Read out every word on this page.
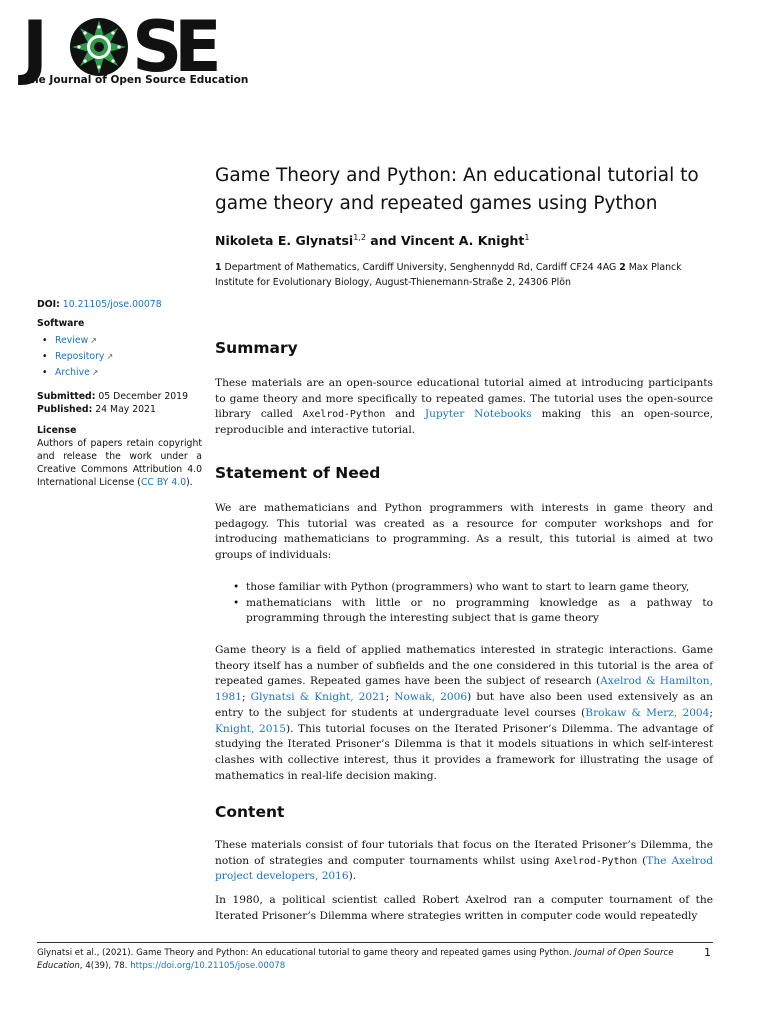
J S
E
The Journal of Open Source Education
Game Theory and Python: An educational tutorial to game theory and repeated games using Python
Nikoleta E. Glynatsi$^{1,2}$ and Vincent A. Knight$^1$
1 Department of Mathematics, Cardiff University, Senghennydd Rd, Cardiff CF24 4AG 2 Max Planck Institute for Evolutionary Biology, August-Thienemann-Straße 2, 24306 Plön
DOI: 10.21105/jose.00078
Software
• Review ↗
• Repository ↗
• Archive ↗
Submitted: 05 December 2019
Published: 24 May 2021
License
Authors of papers retain copyright and release the work under a Creative Commons Attribution 4.0 International License (CC BY 4.0).
Summary

These materials are an open-source educational tutorial aimed at introducing participants to game theory and more specifically to repeated games. The tutorial uses the open-source library called Axelrod-Python and Jupyter Notebooks making this an open-source, reproducible and interactive tutorial.

Statement of Need

We are mathematicians and Python programmers with interests in game theory and pedagogy. This tutorial was created as a resource for computer workshops and for introducing mathematicians to programming. As a result, this tutorial is aimed at two groups of individuals:

• those familiar with Python (programmers) who want to start to learn game theory,
• mathematicians with little or no programming knowledge as a pathway to programming through the interesting subject that is game theory

Game theory is a field of applied mathematics interested in strategic interactions. Game theory itself has a number of subfields and the one considered in this tutorial is the area of repeated games. Repeated games have been the subject of research (Axelrod & Hamilton, 1981; Glynatsi & Knight, 2021; Nowak, 2006) but have also been used extensively as an entry to the subject for students at undergraduate level courses (Brokaw & Merz, 2004; Knight, 2015). This tutorial focuses on the Iterated Prisoner’s Dilemma. The advantage of studying the Iterated Prisoner’s Dilemma is that it models situations in which self-interest clashes with collective interest, thus it provides a framework for illustrating the usage of mathematics in real-life decision making.

Content

These materials consist of four tutorials that focus on the Iterated Prisoner’s Dilemma, the notion of strategies and computer tournaments whilst using Axelrod-Python (The Axelrod project developers, 2016).

In 1980, a political scientist called Robert Axelrod ran a computer tournament of the Iterated Prisoner’s Dilemma where strategies written in computer code would repeatedly

Glynatsi et al., (2021). Game Theory and Python: An educational tutorial to game theory and repeated games using Python. Journal of Open Source Education, 4(39), 78. https://doi.org/10.21105/jose.00078
1
